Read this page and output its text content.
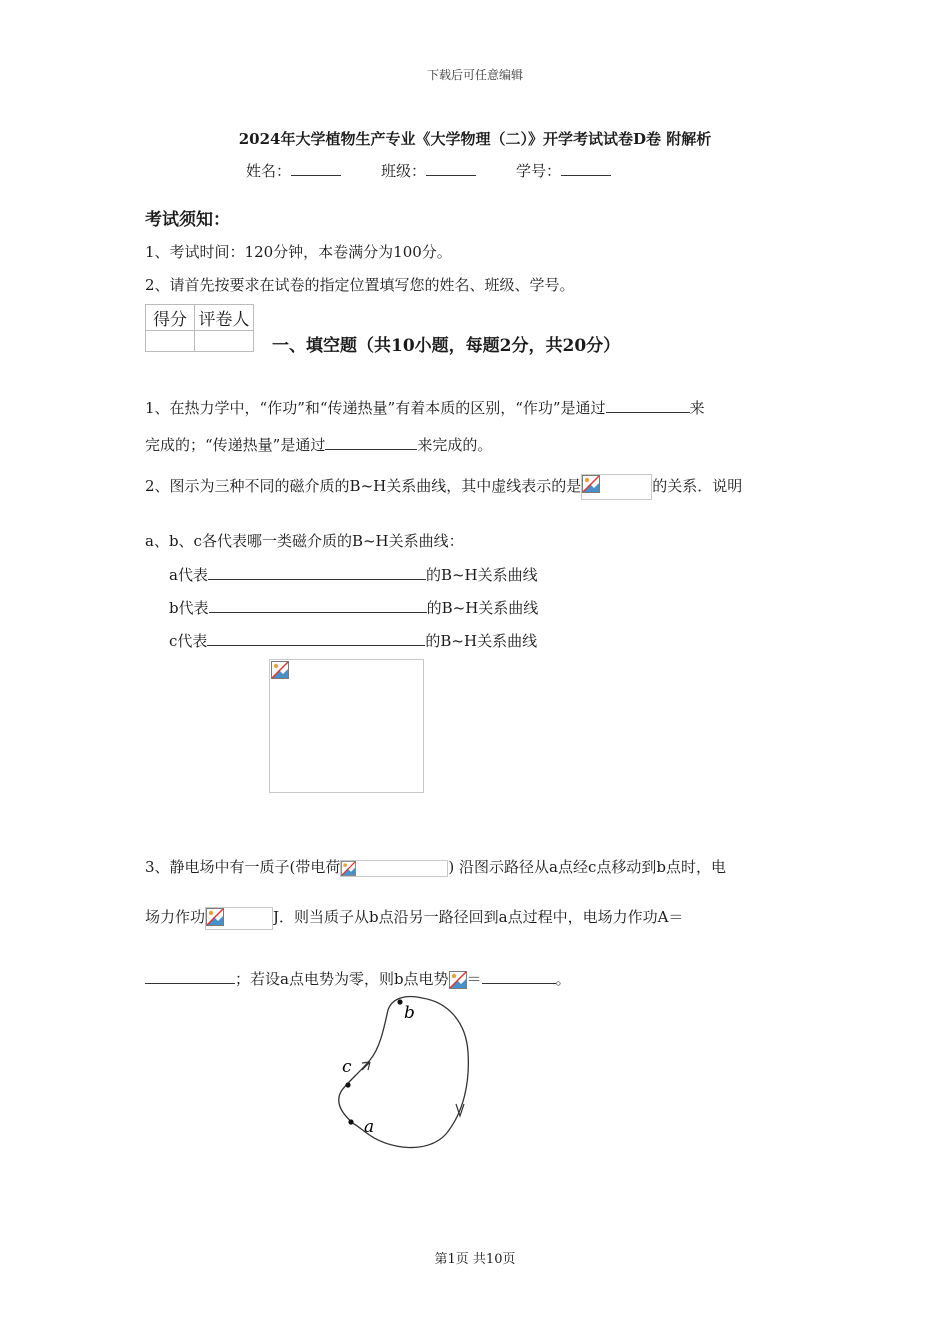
下载后可任意编辑
2024年大学植物生产专业《大学物理（二）》开学考试试卷D卷 附解析
姓名：	班级：	学号：
考试须知：
1、考试时间：120分钟，本卷满分为100分。
2、请首先按要求在试卷的指定位置填写您的姓名、班级、学号。
得分	评卷人

一、填空题（共10小题，每题2分，共20分）
1、在热力学中，“作功”和“传递热量”有着本质的区别，“作功”是通过	来
完成的；“传递热量”是通过	来完成的。
2、图示为三种不同的磁介质的B~H关系曲线，其中虚线表示的是	的关系．说明
a、b、c各代表哪一类磁介质的B~H关系曲线：
a代表	的B~H关系曲线
b代表	的B~H关系曲线
c代表	的B~H关系曲线
3、静电场中有一质子(带电荷	) 沿图示路径从a点经c点移动到b点时，电
场力作功	J．则当质子从b点沿另一路径回到a点过程中，电场力作功A＝
；若设a点电势为零，则b点电势 ＝	。
b
c
a
第1页 共10页
